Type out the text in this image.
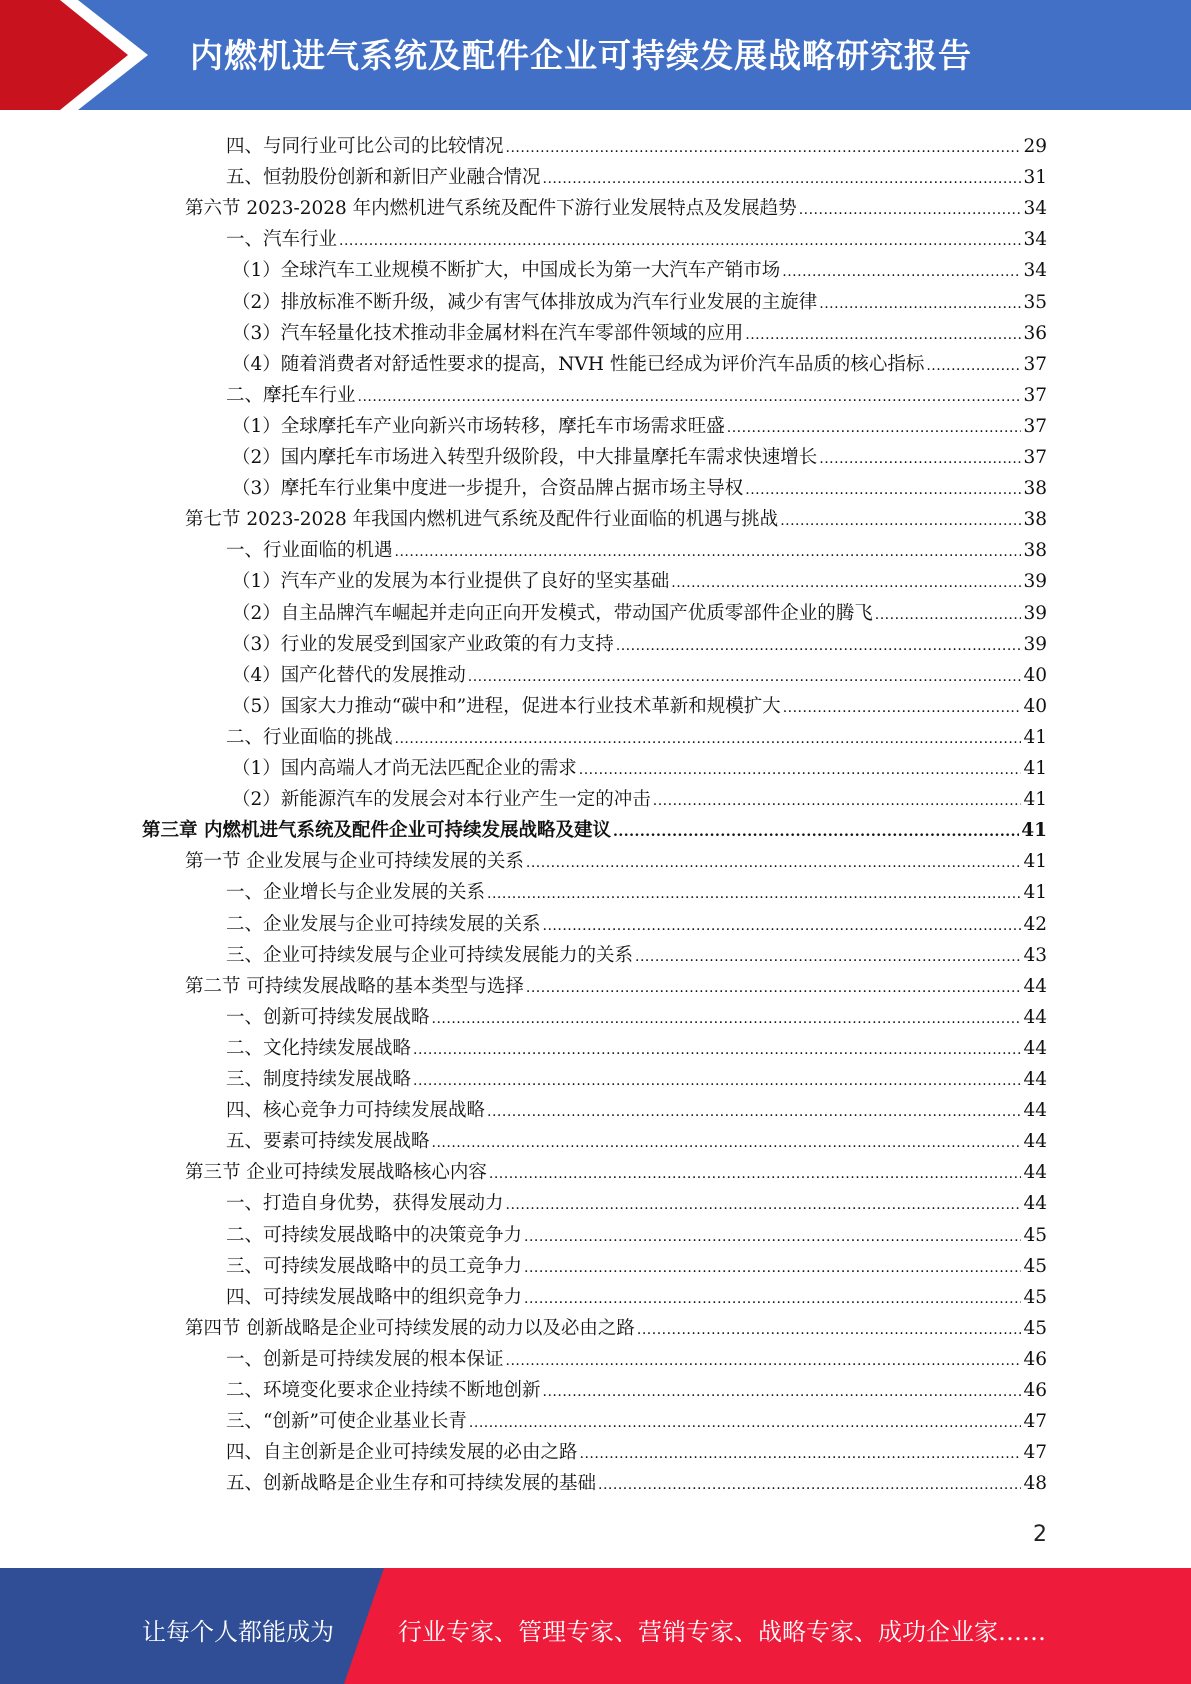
内燃机进气系统及配件企业可持续发展战略研究报告
四、与同行业可比公司的比较情况 .....	29
五、恒勃股份创新和新旧产业融合情况 .....	31
第六节 2023-2028 年内燃机进气系统及配件下游行业发展特点及发展趋势 .....	34
一、汽车行业 .....	34
（1）全球汽车工业规模不断扩大，中国成长为第一大汽车产销市场 .....	34
（2）排放标准不断升级，减少有害气体排放成为汽车行业发展的主旋律 .....	35
（3）汽车轻量化技术推动非金属材料在汽车零部件领域的应用 .....	36
（4）随着消费者对舒适性要求的提高，NVH 性能已经成为评价汽车品质的核心指标 .....	37
二、摩托车行业 .....	37
（1）全球摩托车产业向新兴市场转移，摩托车市场需求旺盛 .....	37
（2）国内摩托车市场进入转型升级阶段，中大排量摩托车需求快速增长 .....	37
（3）摩托车行业集中度进一步提升，合资品牌占据市场主导权 .....	38
第七节 2023-2028 年我国内燃机进气系统及配件行业面临的机遇与挑战 .....	38
一、行业面临的机遇 .....	38
（1）汽车产业的发展为本行业提供了良好的坚实基础 .....	39
（2）自主品牌汽车崛起并走向正向开发模式，带动国产优质零部件企业的腾飞 .....	39
（3）行业的发展受到国家产业政策的有力支持 .....	39
（4）国产化替代的发展推动 .....	40
（5）国家大力推动“碳中和”进程，促进本行业技术革新和规模扩大 .....	40
二、行业面临的挑战 .....	41
（1）国内高端人才尚无法匹配企业的需求 .....	41
（2）新能源汽车的发展会对本行业产生一定的冲击 .....	41
第三章 内燃机进气系统及配件企业可持续发展战略及建议 .....	41
第一节 企业发展与企业可持续发展的关系 .....	41
一、企业增长与企业发展的关系 .....	41
二、企业发展与企业可持续发展的关系 .....	42
三、企业可持续发展与企业可持续发展能力的关系 .....	43
第二节 可持续发展战略的基本类型与选择 .....	44
一、创新可持续发展战略 .....	44
二、文化持续发展战略 .....	44
三、制度持续发展战略 .....	44
四、核心竞争力可持续发展战略 .....	44
五、要素可持续发展战略 .....	44
第三节 企业可持续发展战略核心内容 .....	44
一、打造自身优势，获得发展动力 .....	44
二、可持续发展战略中的决策竞争力 .....	45
三、可持续发展战略中的员工竞争力 .....	45
四、可持续发展战略中的组织竞争力 .....	45
第四节 创新战略是企业可持续发展的动力以及必由之路 .....	45
一、创新是可持续发展的根本保证 .....	46
二、环境变化要求企业持续不断地创新 .....	46
三、“创新”可使企业基业长青 .....	47
四、自主创新是企业可持续发展的必由之路 .....	47
五、创新战略是企业生存和可持续发展的基础 .....	48
2
让每个人都能成为	行业专家、管理专家、营销专家、战略专家、成功企业家……
